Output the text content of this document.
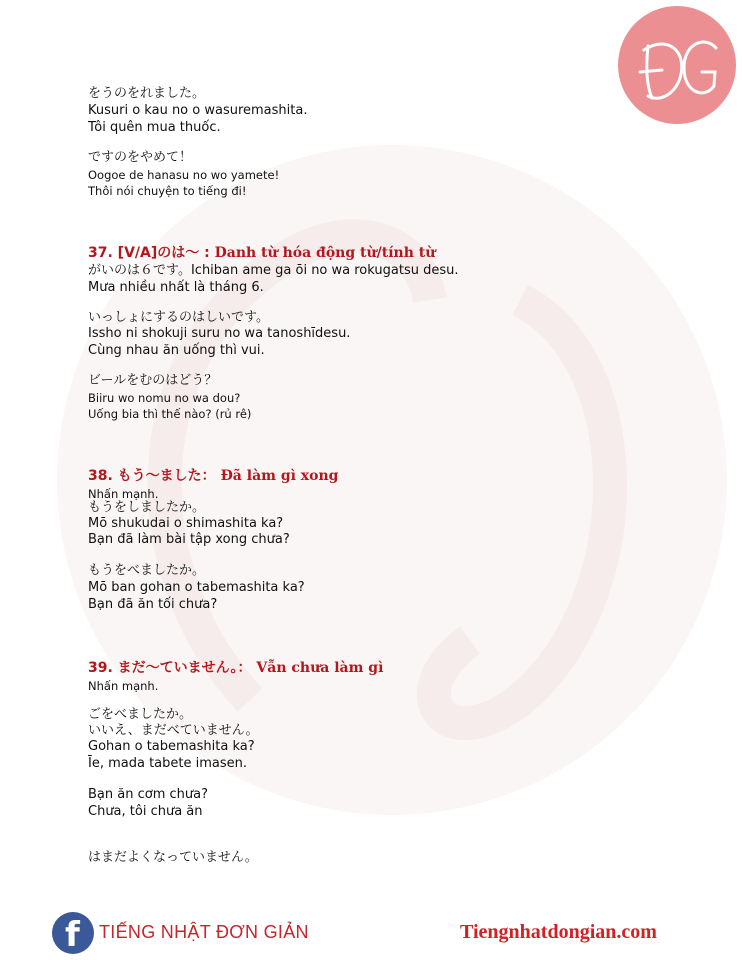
をうのをれました。
Kusuri o kau no o wasuremashita.
Tôi quên mua thuốc.
ですのをやめて！
Oogoe de hanasu no wo yamete!
Thôi nói chuyện to tiếng đi!
37. [V/A]のは～ : Danh từ hóa động từ/tính từ
がいのは６です。Ichiban ame ga ōi no wa rokugatsu desu.
Mưa nhiều nhất là tháng 6.
いっしょにするのはしいです。
Issho ni shokuji suru no wa tanoshīdesu.
Cùng nhau ăn uống thì vui.
ビールをむのはどう？
Biiru wo nomu no wa dou?
Uống bia thì thế nào? (rủ rê)
38. もう～ました： Đã làm gì xong
Nhấn mạnh.
もうをしましたか。
Mō shukudai o shimashita ka?
Bạn đã làm bài tập xong chưa?
もうをべましたか。
Mō ban gohan o tabemashita ka?
Bạn đã ăn tối chưa?
39. まだ～ていません。： Vẫn chưa làm gì
Nhấn mạnh.
ごをべましたか。
いいえ、まだべていません。
Gohan o tabemashita ka?
Īe, mada tabete imasen.
Bạn ăn cơm chưa?
Chưa, tôi chưa ăn
はまだよくなっていません。
f TIẾNG NHẬT ĐƠN GIẢN	Tiengnhatdongian.com
